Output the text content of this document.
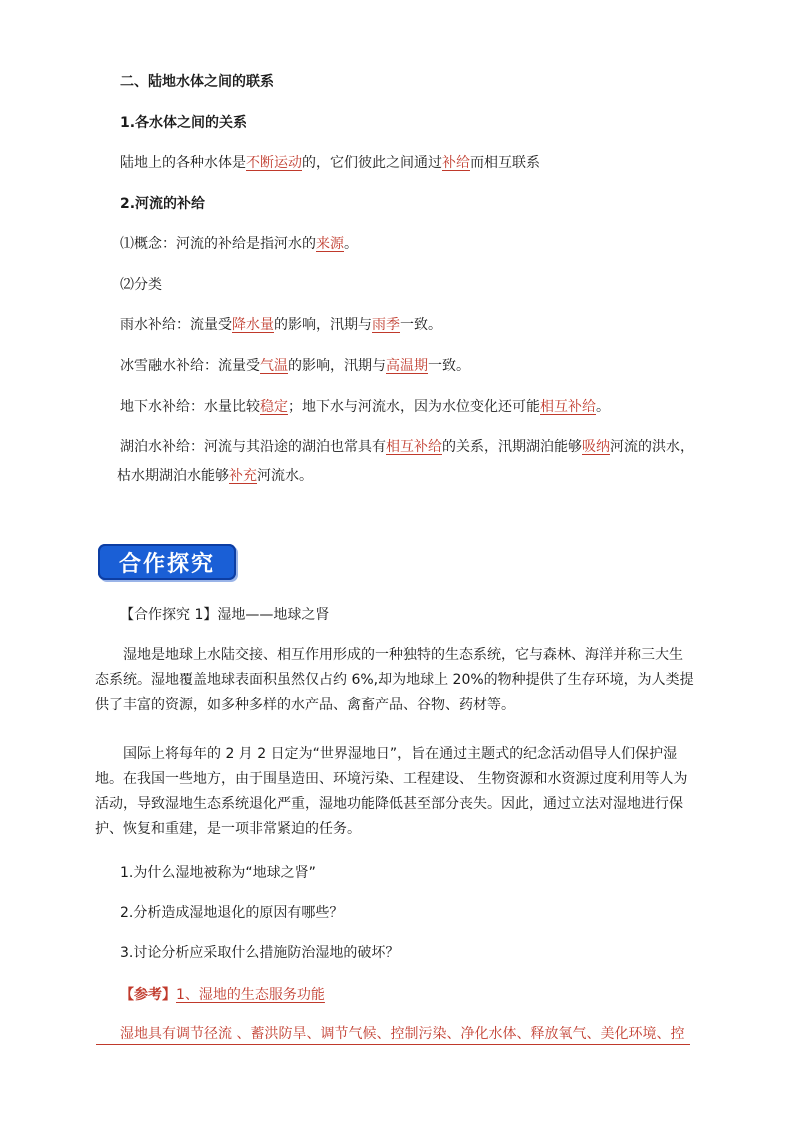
二、陆地水体之间的联系
1.各水体之间的关系
陆地上的各种水体是不断运动的，它们彼此之间通过补给而相互联系
2.河流的补给
⑴概念：河流的补给是指河水的来源。
⑵分类
雨水补给：流量受降水量的影响，汛期与雨季一致。
冰雪融水补给：流量受气温的影响，汛期与高温期一致。
地下水补给：水量比较稳定；地下水与河流水，因为水位变化还可能相互补给。
湖泊水补给：河流与其沿途的湖泊也常具有相互补给的关系，汛期湖泊能够吸纳河流的洪水，
枯水期湖泊水能够补充河流水。
合作探究
【合作探究 1】湿地——地球之肾
湿地是地球上水陆交接、相互作用形成的一种独特的生态系统，它与森林、海洋并称三大生态系统。湿地覆盖地球表面积虽然仅占约 6%,却为地球上 20%的物种提供了生存环境，为人类提供了丰富的资源，如多种多样的水产品、禽畜产品、谷物、药材等。
国际上将每年的 2 月 2 日定为“世界湿地日”，旨在通过主题式的纪念活动倡导人们保护湿地。在我国一些地方，由于围垦造田、环境污染、工程建设、 生物资源和水资源过度利用等人为活动，导致湿地生态系统退化严重，湿地功能降低甚至部分丧失。因此，通过立法对湿地进行保护、恢复和重建，是一项非常紧迫的任务。
1.为什么湿地被称为“地球之肾”
2.分析造成湿地退化的原因有哪些？
3.讨论分析应采取什么措施防治湿地的破坏？
【参考】1、湿地的生态服务功能
湿地具有调节径流 、蓄洪防旱、调节气候、控制污染、净化水体、释放氧气、美化环境、控
